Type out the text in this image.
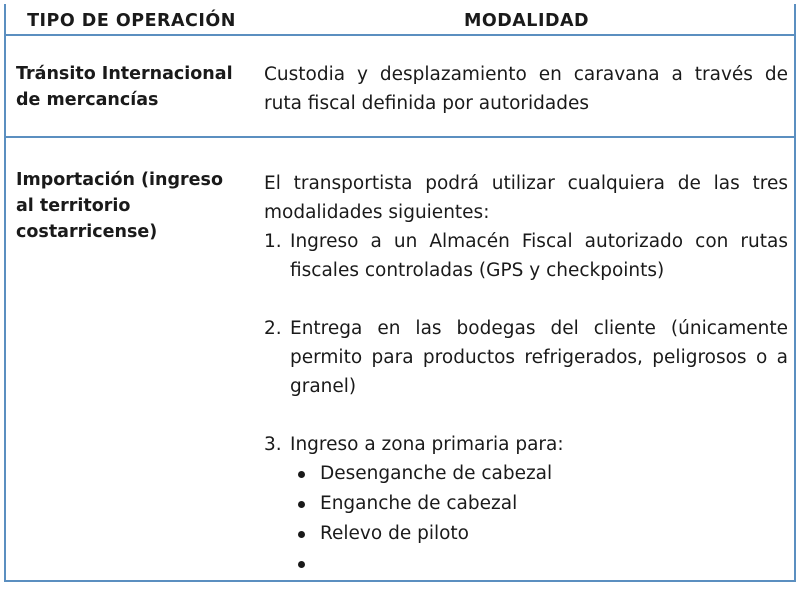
TIPO DE OPERACIÓN	MODALIDAD
Tránsito Internacional de mercancías

Custodia y desplazamiento en caravana a través de ruta fiscal definida por autoridades

Importación (ingreso al territorio costarricense)

El transportista podrá utilizar cualquiera de las tres modalidades siguientes:

1. Ingreso a un Almacén Fiscal autorizado con rutas fiscales controladas (GPS y checkpoints)
2. Entrega en las bodegas del cliente (únicamente permito para productos refrigerados, peligrosos o a granel)
3. Ingreso a zona primaria para:
Desenganche de cabezal
Enganche de cabezal
Relevo de piloto
